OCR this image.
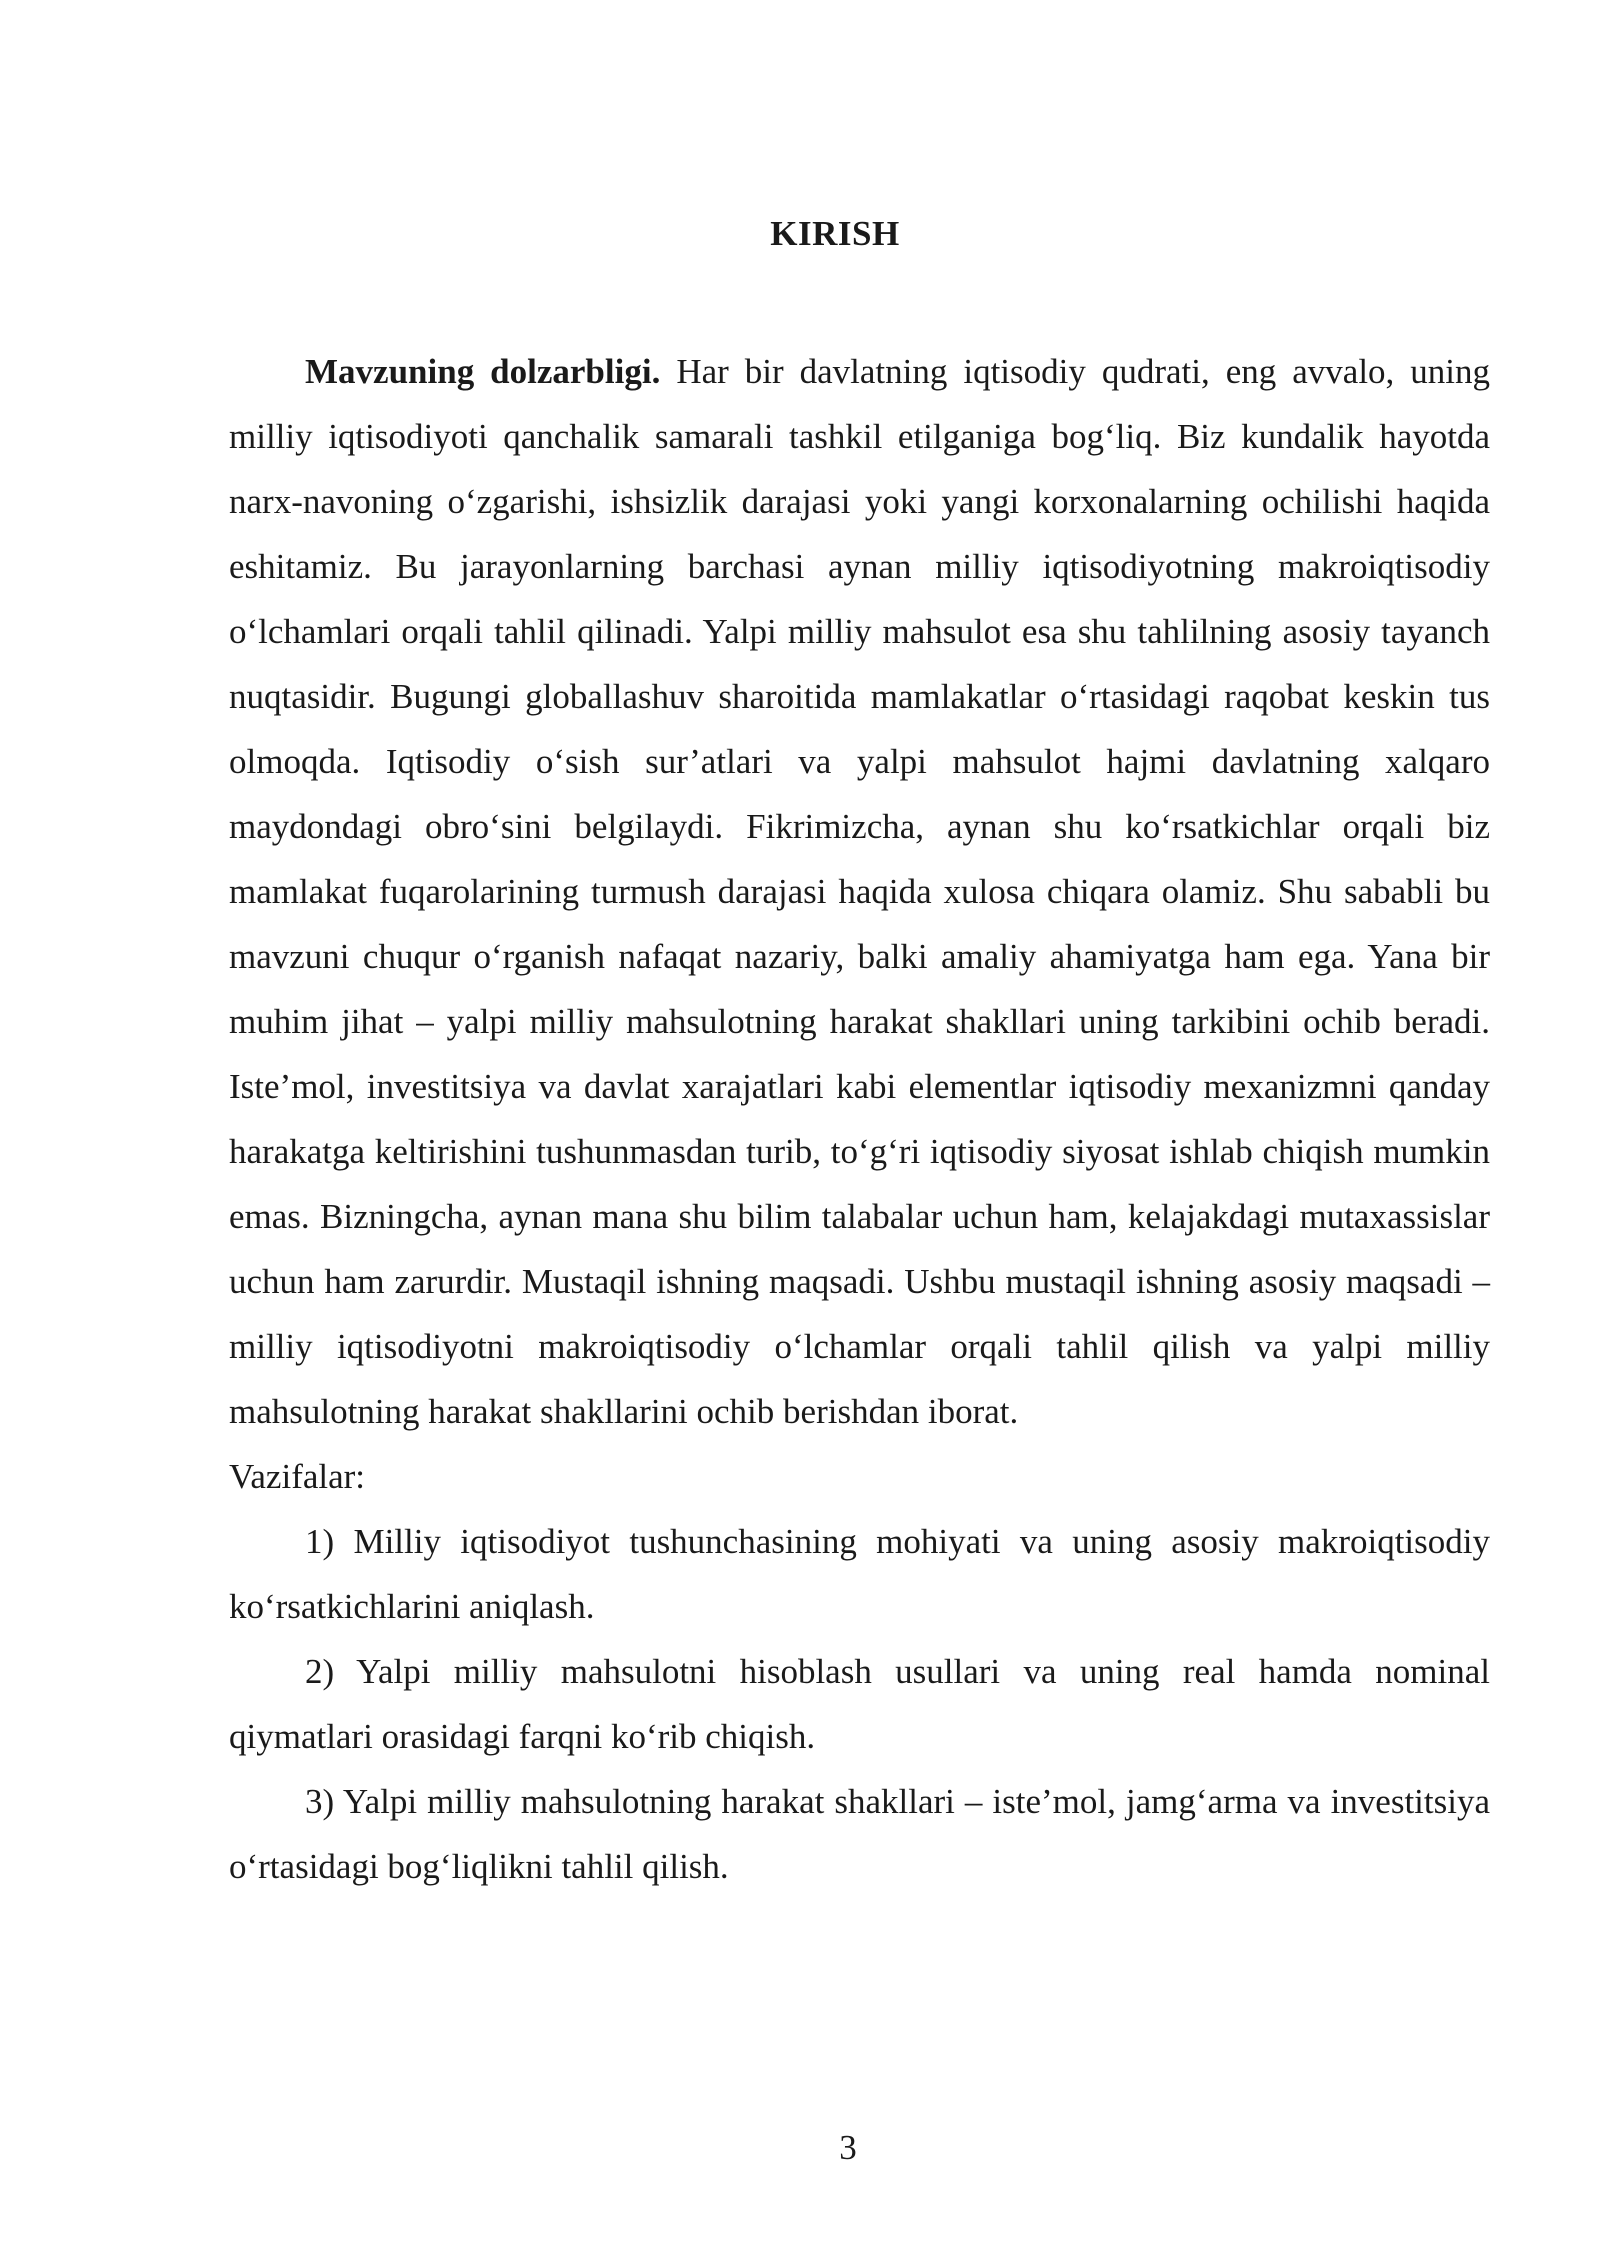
KIRISH

Mavzuning dolzarbligi. Har bir davlatning iqtisodiy qudrati, eng avvalo, uning milliy iqtisodiyoti qanchalik samarali tashkil etilganiga bog‘liq. Biz kundalik hayotda narx-navoning o‘zgarishi, ishsizlik darajasi yoki yangi korxonalarning ochilishi haqida eshitamiz. Bu jarayonlarning barchasi aynan milliy iqtisodiyotning makroiqtisodiy o‘lchamlari orqali tahlil qilinadi. Yalpi milliy mahsulot esa shu tahlilning asosiy tayanch nuqtasidir. Bugungi globallashuv sharoitida mamlakatlar o‘rtasidagi raqobat keskin tus olmoqda. Iqtisodiy o‘sish sur’atlari va yalpi mahsulot hajmi davlatning xalqaro maydondagi obro‘sini belgilaydi. Fikrimizcha, aynan shu ko‘rsatkichlar orqali biz mamlakat fuqarolarining turmush darajasi haqida xulosa chiqara olamiz. Shu sababli bu mavzuni chuqur o‘rganish nafaqat nazariy, balki amaliy ahamiyatga ham ega. Yana bir muhim jihat – yalpi milliy mahsulotning harakat shakllari uning tarkibini ochib beradi. Iste’mol, investitsiya va davlat xarajatlari kabi elementlar iqtisodiy mexanizmni qanday harakatga keltirishini tushunmasdan turib, to‘g‘ri iqtisodiy siyosat ishlab chiqish mumkin emas. Bizningcha, aynan mana shu bilim talabalar uchun ham, kelajakdagi mutaxassislar uchun ham zarurdir. Mustaqil ishning maqsadi. Ushbu mustaqil ishning asosiy maqsadi – milliy iqtisodiyotni makroiqtisodiy o‘lchamlar orqali tahlil qilish va yalpi milliy mahsulotning harakat shakllarini ochib berishdan iborat.

Vazifalar:

1) Milliy iqtisodiyot tushunchasining mohiyati va uning asosiy makroiqtisodiy ko‘rsatkichlarini aniqlash.

2) Yalpi milliy mahsulotni hisoblash usullari va uning real hamda nominal qiymatlari orasidagi farqni ko‘rib chiqish.

3) Yalpi milliy mahsulotning harakat shakllari – iste’mol, jamg‘arma va investitsiya o‘rtasidagi bog‘liqlikni tahlil qilish.

3
